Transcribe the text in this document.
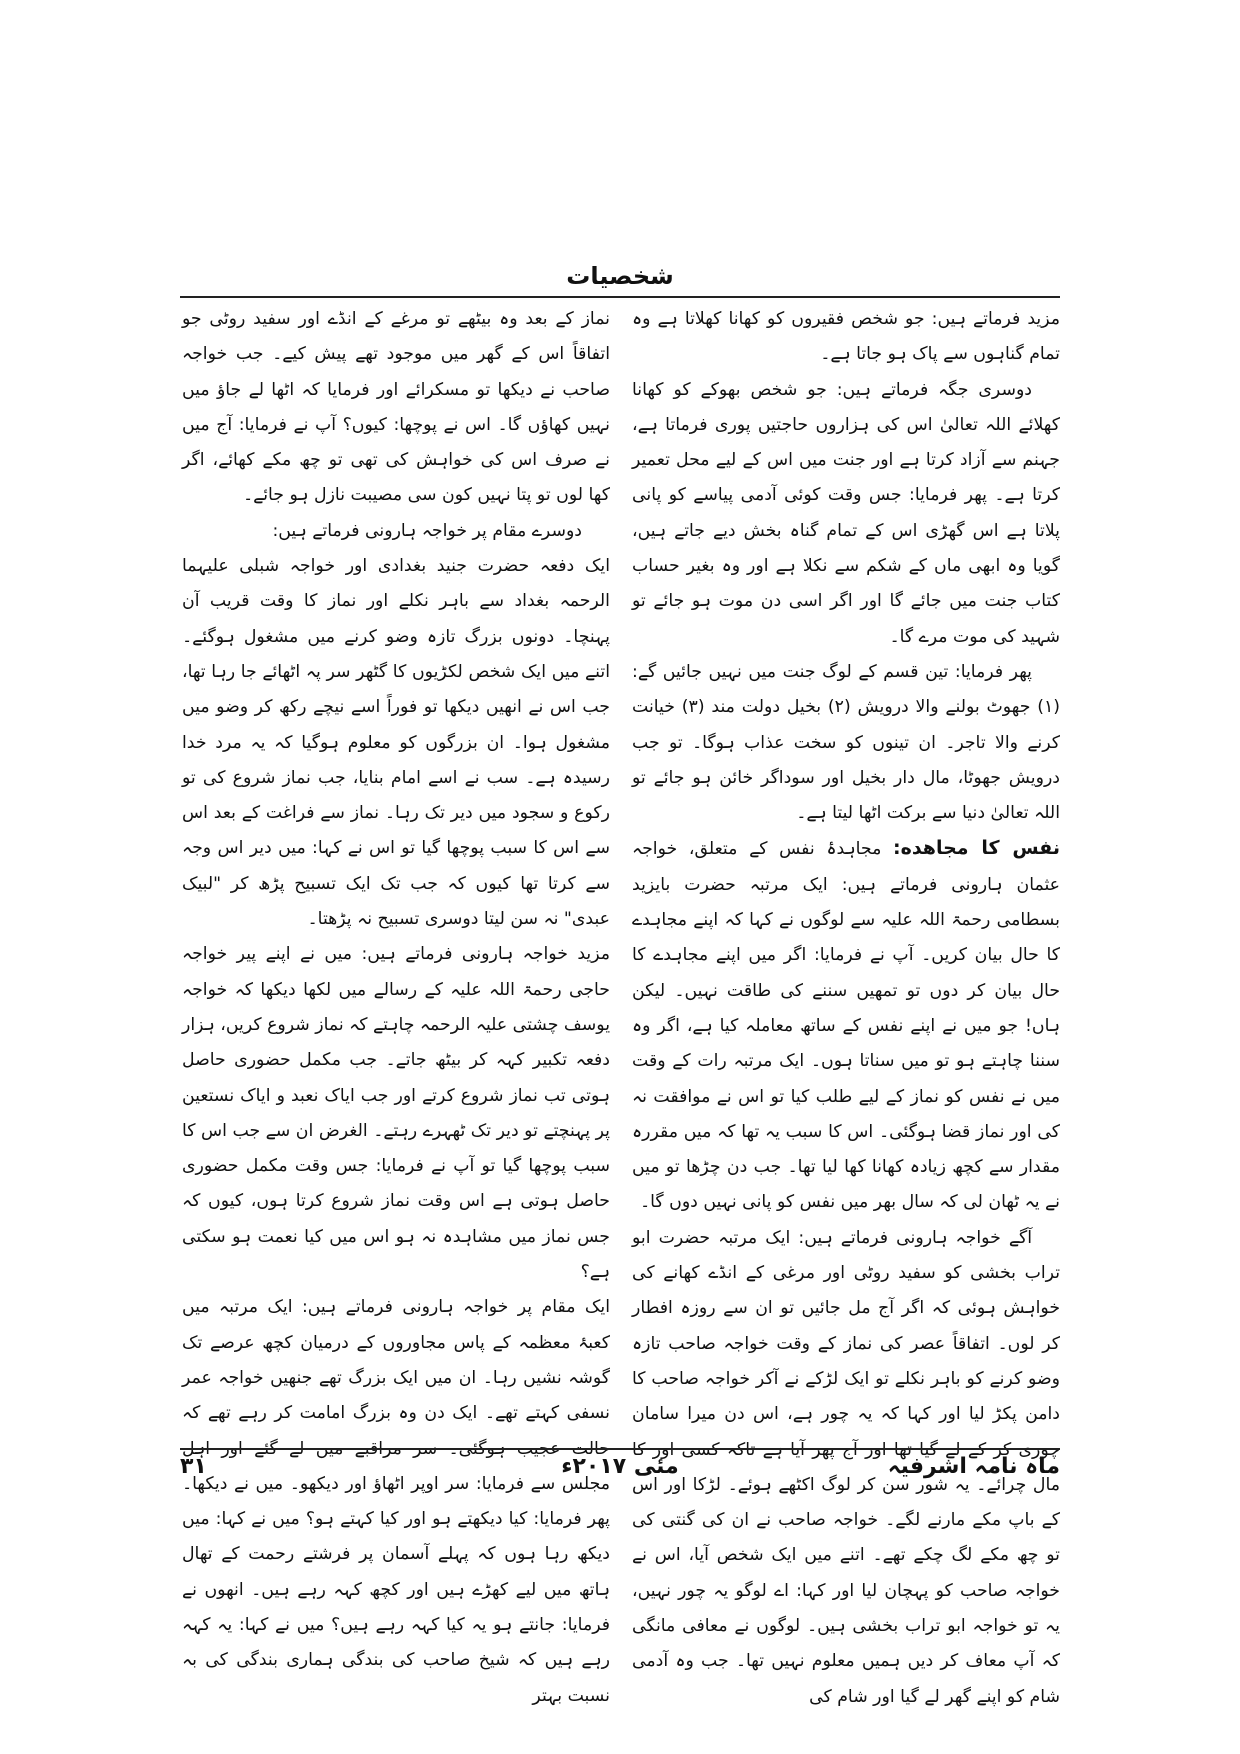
شخصیات

مزید فرماتے ہیں: جو شخص فقیروں کو کھانا کھلاتا ہے وہ تمام گناہوں سے پاک ہو جاتا ہے۔

دوسری جگہ فرماتے ہیں: جو شخص بھوکے کو کھانا کھلائے اللہ تعالیٰ اس کی ہزاروں حاجتیں پوری فرماتا ہے، جہنم سے آزاد کرتا ہے اور جنت میں اس کے لیے محل تعمیر کرتا ہے۔ پھر فرمایا: جس وقت کوئی آدمی پیاسے کو پانی پلاتا ہے اس گھڑی اس کے تمام گناہ بخش دیے جاتے ہیں، گویا وہ ابھی ماں کے شکم سے نکلا ہے اور وہ بغیر حساب کتاب جنت میں جائے گا اور اگر اسی دن موت ہو جائے تو شہید کی موت مرے گا۔

پھر فرمایا: تین قسم کے لوگ جنت میں نہیں جائیں گے: (۱) جھوٹ بولنے والا درویش (۲) بخیل دولت مند (۳) خیانت کرنے والا تاجر۔ ان تینوں کو سخت عذاب ہوگا۔ تو جب درویش جھوٹا، مال دار بخیل اور سوداگر خائن ہو جائے تو اللہ تعالیٰ دنیا سے برکت اٹھا لیتا ہے۔

نفس کا مجاهده: مجاہدۂ نفس کے متعلق، خواجہ عثمان ہارونی فرماتے ہیں: ایک مرتبہ حضرت بایزید بسطامی رحمۃ اللہ علیہ سے لوگوں نے کہا کہ اپنے مجاہدے کا حال بیان کریں۔ آپ نے فرمایا: اگر میں اپنے مجاہدے کا حال بیان کر دوں تو تمھیں سننے کی طاقت نہیں۔ لیکن ہاں! جو میں نے اپنے نفس کے ساتھ معاملہ کیا ہے، اگر وہ سننا چاہتے ہو تو میں سناتا ہوں۔ ایک مرتبہ رات کے وقت میں نے نفس کو نماز کے لیے طلب کیا تو اس نے موافقت نہ کی اور نماز قضا ہوگئی۔ اس کا سبب یہ تھا کہ میں مقررہ مقدار سے کچھ زیادہ کھانا کھا لیا تھا۔ جب دن چڑھا تو میں نے یہ ٹھان لی کہ سال بھر میں نفس کو پانی نہیں دوں گا۔

آگے خواجہ ہارونی فرماتے ہیں: ایک مرتبہ حضرت ابو تراب بخشی کو سفید روٹی اور مرغی کے انڈے کھانے کی خواہش ہوئی کہ اگر آج مل جائیں تو ان سے روزہ افطار کر لوں۔ اتفاقاً عصر کی نماز کے وقت خواجہ صاحب تازہ وضو کرنے کو باہر نکلے تو ایک لڑکے نے آکر خواجہ صاحب کا دامن پکڑ لیا اور کہا کہ یہ چور ہے، اس دن میرا سامان چوری کر کے لے گیا تھا اور آج پھر آیا ہے تاکہ کسی اور کا مال چرائے۔ یہ شور سن کر لوگ اکٹھے ہوئے۔ لڑکا اور اس کے باپ مکے مارنے لگے۔ خواجہ صاحب نے ان کی گنتی کی تو چھ مکے لگ چکے تھے۔ اتنے میں ایک شخص آیا، اس نے خواجہ صاحب کو پہچان لیا اور کہا: اے لوگو یہ چور نہیں، یہ تو خواجہ ابو تراب بخشی ہیں۔ لوگوں نے معافی مانگی کہ آپ معاف کر دیں ہمیں معلوم نہیں تھا۔ جب وہ آدمی شام کو اپنے گھر لے گیا اور شام کی

نماز کے بعد وہ بیٹھے تو مرغے کے انڈے اور سفید روٹی جو اتفاقاً اس کے گھر میں موجود تھے پیش کیے۔ جب خواجہ صاحب نے دیکھا تو مسکرائے اور فرمایا کہ اٹھا لے جاؤ میں نہیں کھاؤں گا۔ اس نے پوچھا: کیوں؟ آپ نے فرمایا: آج میں نے صرف اس کی خواہش کی تھی تو چھ مکے کھائے، اگر کھا لوں تو پتا نہیں کون سی مصیبت نازل ہو جائے۔

دوسرے مقام پر خواجہ ہارونی فرماتے ہیں:

ایک دفعہ حضرت جنید بغدادی اور خواجہ شبلی علیہما الرحمہ بغداد سے باہر نکلے اور نماز کا وقت قریب آن پہنچا۔ دونوں بزرگ تازہ وضو کرنے میں مشغول ہوگئے۔ اتنے میں ایک شخص لکڑیوں کا گٹھر سر پہ اٹھائے جا رہا تھا، جب اس نے انھیں دیکھا تو فوراً اسے نیچے رکھ کر وضو میں مشغول ہوا۔ ان بزرگوں کو معلوم ہوگیا کہ یہ مرد خدا رسیدہ ہے۔ سب نے اسے امام بنایا، جب نماز شروع کی تو رکوع و سجود میں دیر تک رہا۔ نماز سے فراغت کے بعد اس سے اس کا سبب پوچھا گیا تو اس نے کہا: میں دیر اس وجہ سے کرتا تھا کیوں کہ جب تک ایک تسبیح پڑھ کر "لبیک عبدی" نہ سن لیتا دوسری تسبیح نہ پڑھتا۔

مزید خواجہ ہارونی فرماتے ہیں: میں نے اپنے پیر خواجہ حاجی رحمۃ اللہ علیہ کے رسالے میں لکھا دیکھا کہ خواجہ یوسف چشتی علیہ الرحمہ چاہتے کہ نماز شروع کریں، ہزار دفعہ تکبیر کہہ کر بیٹھ جاتے۔ جب مکمل حضوری حاصل ہوتی تب نماز شروع کرتے اور جب ایاک نعبد و ایاک نستعین پر پہنچتے تو دیر تک ٹھہرے رہتے۔ الغرض ان سے جب اس کا سبب پوچھا گیا تو آپ نے فرمایا: جس وقت مکمل حضوری حاصل ہوتی ہے اس وقت نماز شروع کرتا ہوں، کیوں کہ جس نماز میں مشاہدہ نہ ہو اس میں کیا نعمت ہو سکتی ہے؟

ایک مقام پر خواجہ ہارونی فرماتے ہیں: ایک مرتبہ میں کعبۂ معظمہ کے پاس مجاوروں کے درمیان کچھ عرصے تک گوشہ نشیں رہا۔ ان میں ایک بزرگ تھے جنھیں خواجہ عمر نسفی کہتے تھے۔ ایک دن وہ بزرگ امامت کر رہے تھے کہ حالت عجیب ہوگئی۔ سر مراقبے میں لے گئے اور اہل مجلس سے فرمایا: سر اوپر اٹھاؤ اور دیکھو۔ میں نے دیکھا۔ پھر فرمایا: کیا دیکھتے ہو اور کیا کہتے ہو؟ میں نے کہا: میں دیکھ رہا ہوں کہ پہلے آسمان پر فرشتے رحمت کے تھال ہاتھ میں لیے کھڑے ہیں اور کچھ کہہ رہے ہیں۔ انھوں نے فرمایا: جانتے ہو یہ کیا کہہ رہے ہیں؟ میں نے کہا: یہ کہہ رہے ہیں کہ شیخ صاحب کی بندگی ہماری بندگی کی بہ نسبت بہتر

ماہ نامہ اشرفیہ
مئی ۲۰۱۷ء
۳۱
